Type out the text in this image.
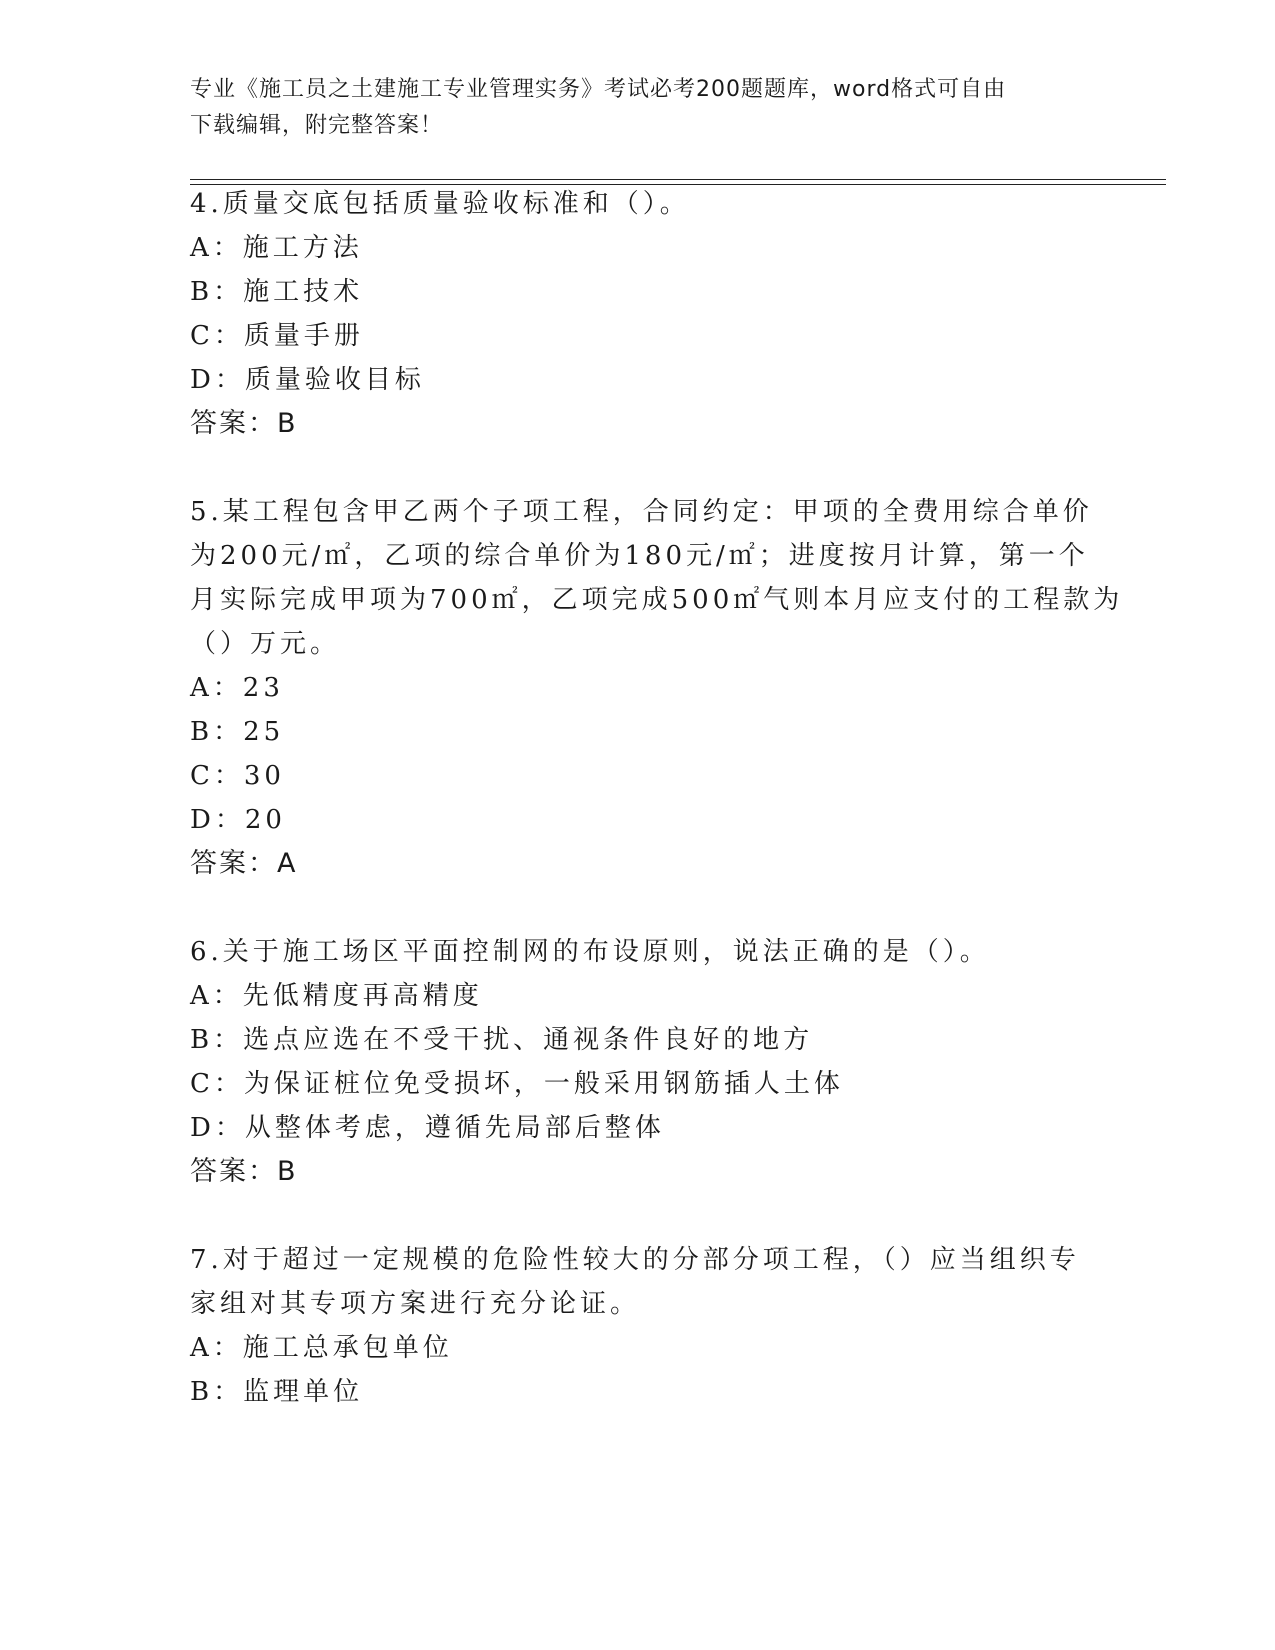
专业《施工员之土建施工专业管理实务》考试必考200题题库，word格式可自由
下载编辑，附完整答案！
4.质量交底包括质量验收标准和（）。
A：施工方法
B：施工技术
C：质量手册
D：质量验收目标
答案：B
5.某工程包含甲乙两个子项工程，合同约定：甲项的全费用综合单价
为200元/㎡，乙项的综合单价为180元/㎡；进度按月计算，第一个
月实际完成甲项为700㎡，乙项完成500㎡气则本月应支付的工程款为
（）万元。
A：23
B：25
C：30
D：20
答案：A
6.关于施工场区平面控制网的布设原则，说法正确的是（）。
A：先低精度再高精度
B：选点应选在不受干扰、通视条件良好的地方
C：为保证桩位免受损坏，一般采用钢筋插人土体
D：从整体考虑，遵循先局部后整体
答案：B
7.对于超过一定规模的危险性较大的分部分项工程，（）应当组织专
家组对其专项方案进行充分论证。
A：施工总承包单位
B：监理单位
